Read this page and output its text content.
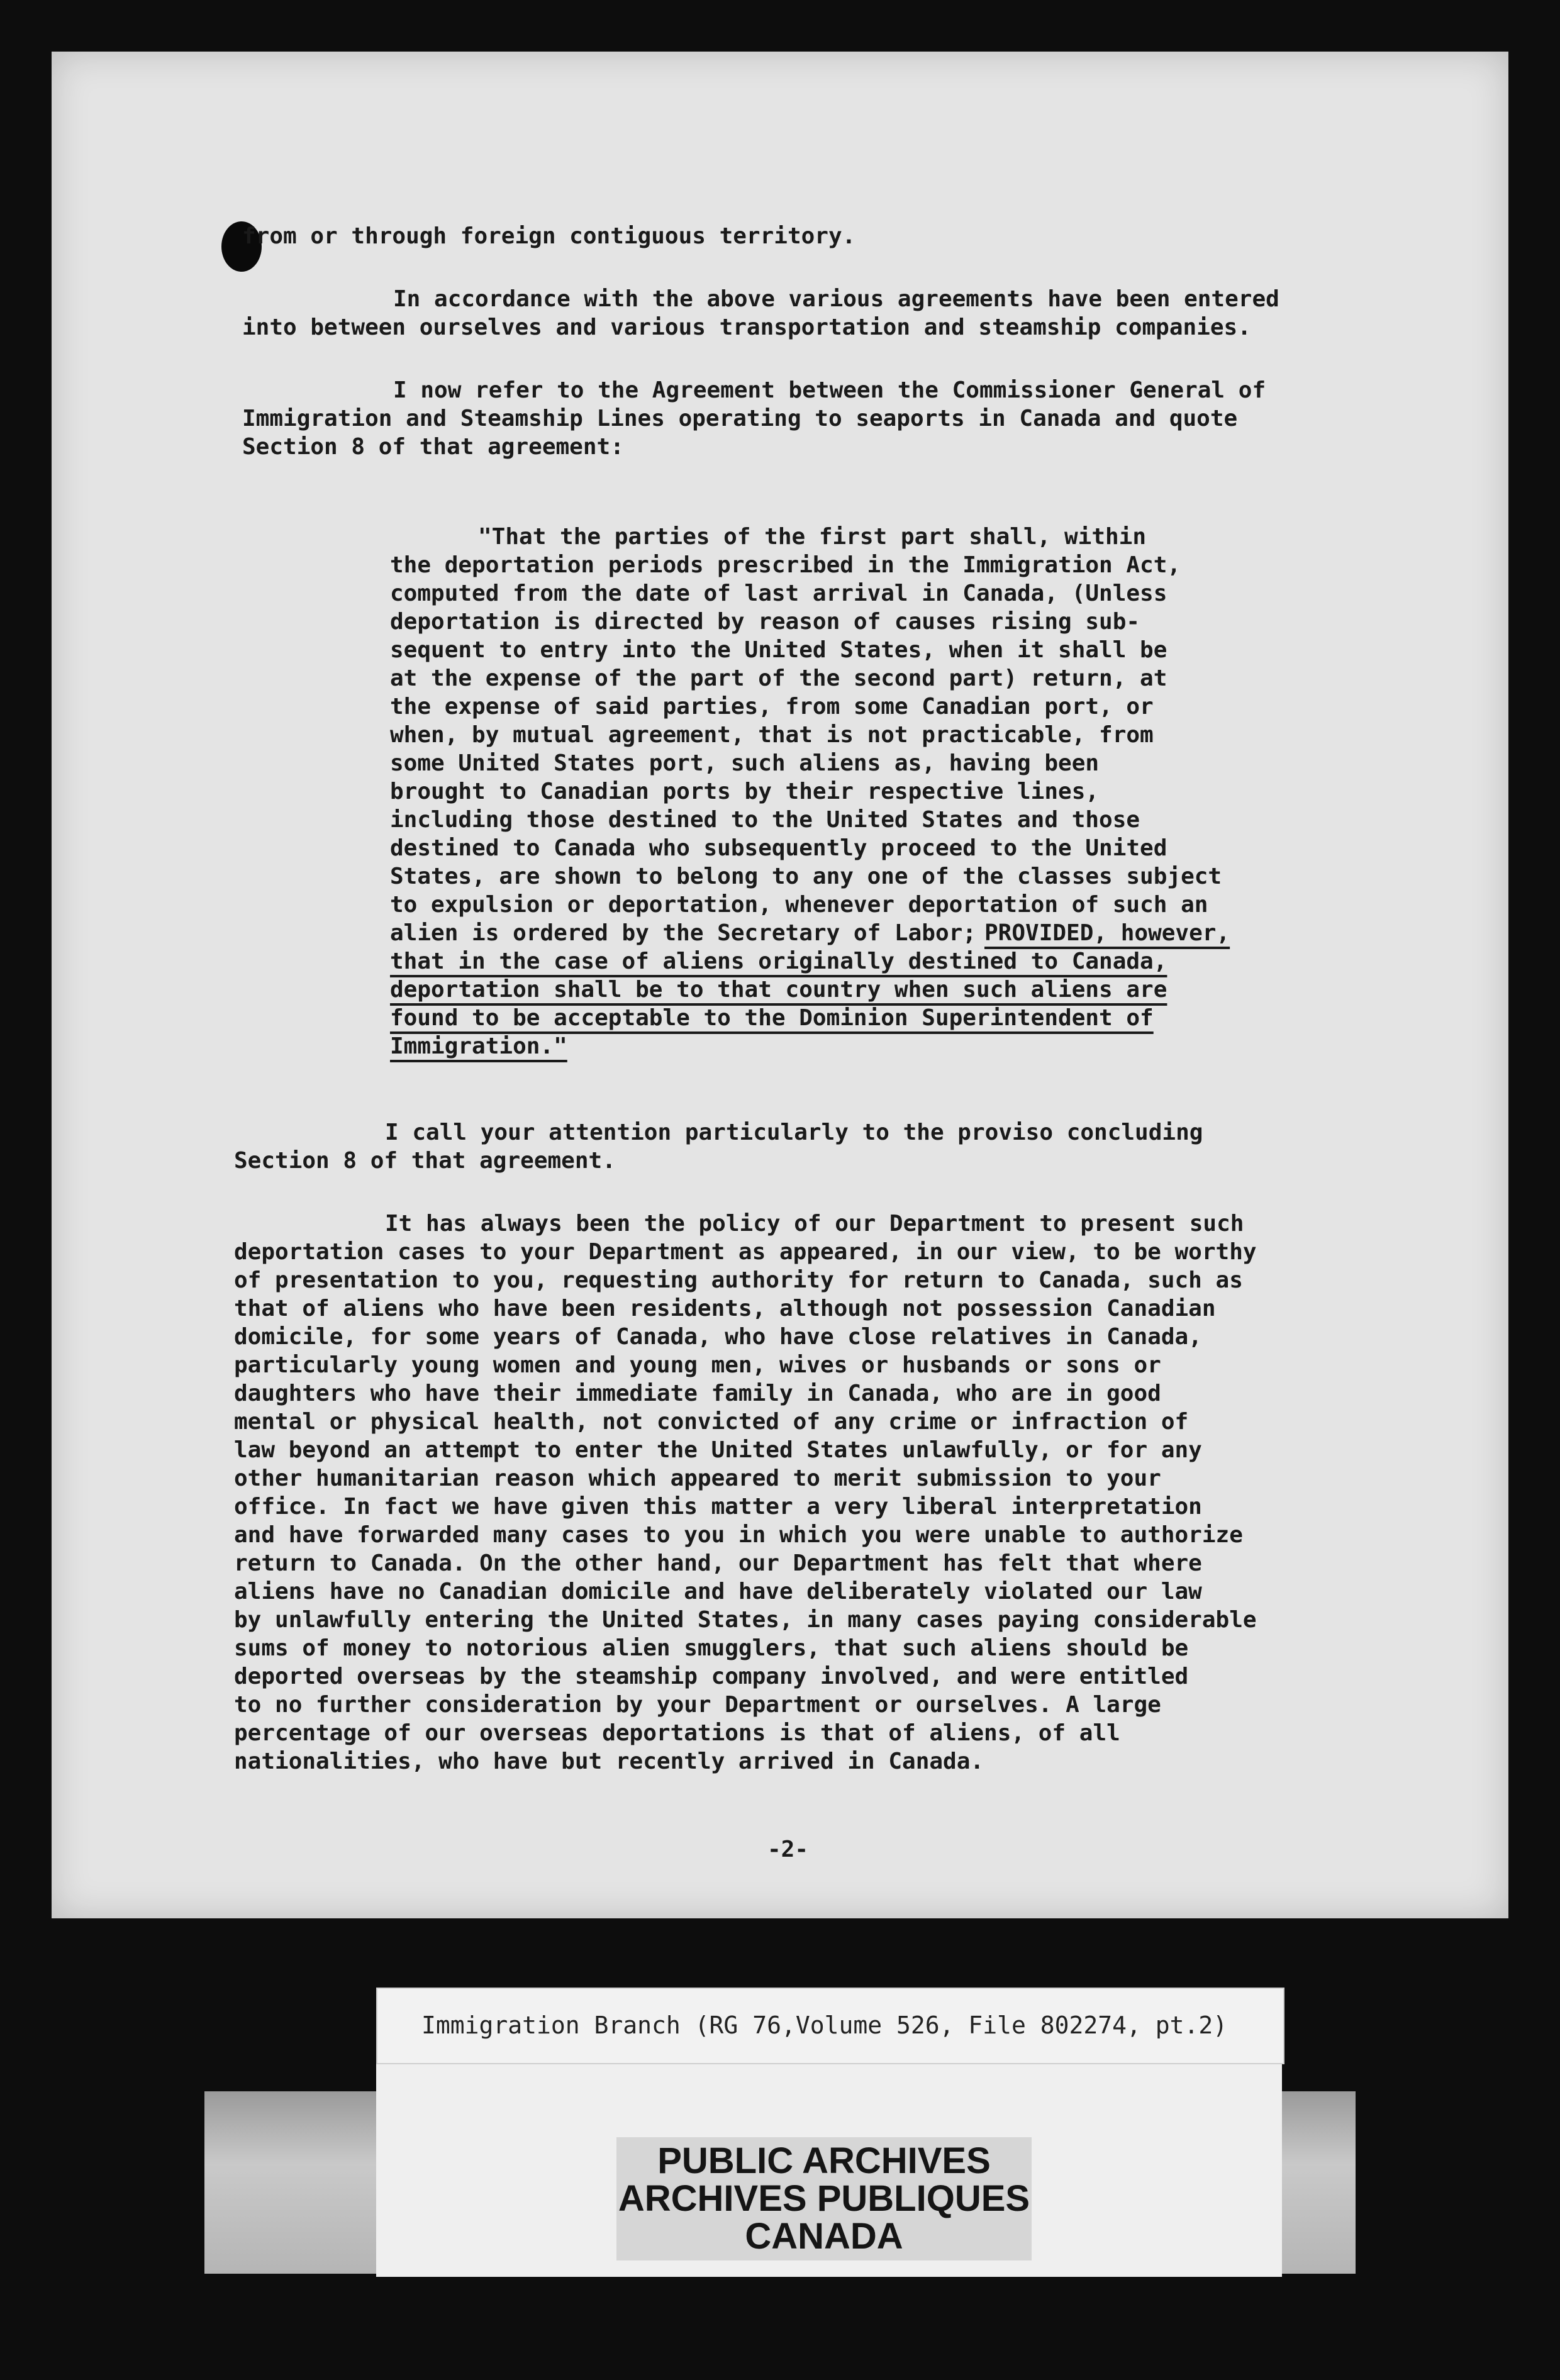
from or through foreign contiguous territory.
In accordance with the above various agreements have been entered
into between ourselves and various transportation and steamship companies.
I now refer to the Agreement between the Commissioner General of
Immigration and Steamship Lines operating to seaports in Canada and quote
Section 8 of that agreement:
"That the parties of the first part shall, within
the deportation periods prescribed in the Immigration Act,
computed from the date of last arrival in Canada, (Unless
deportation is directed by reason of causes rising sub-
sequent to entry into the United States, when it shall be
at the expense of the part of the second part) return, at
the expense of said parties, from some Canadian port, or
when, by mutual agreement, that is not practicable, from
some United States port, such aliens as, having been
brought to Canadian ports by their respective lines,
including those destined to the United States and those
destined to Canada who subsequently proceed to the United
States, are shown to belong to any one of the classes subject
to expulsion or deportation, whenever deportation of such an
alien is ordered by the Secretary of Labor; PROVIDED, however,
that in the case of aliens originally destined to Canada,
deportation shall be to that country when such aliens are
found to be acceptable to the Dominion Superintendent of
Immigration."
I call your attention particularly to the proviso concluding
Section 8 of that agreement.
It has always been the policy of our Department to present such
deportation cases to your Department as appeared, in our view, to be worthy
of presentation to you, requesting authority for return to Canada, such as
that of aliens who have been residents, although not possession Canadian
domicile, for some years of Canada, who have close relatives in Canada,
particularly young women and young men, wives or husbands or sons or
daughters who have their immediate family in Canada, who are in good
mental or physical health, not convicted of any crime or infraction of
law beyond an attempt to enter the United States unlawfully, or for any
other humanitarian reason which appeared to merit submission to your
office. In fact we have given this matter a very liberal interpretation
and have forwarded many cases to you in which you were unable to authorize
return to Canada. On the other hand, our Department has felt that where
aliens have no Canadian domicile and have deliberately violated our law
by unlawfully entering the United States, in many cases paying considerable
sums of money to notorious alien smugglers, that such aliens should be
deported overseas by the steamship company involved, and were entitled
to no further consideration by your Department or ourselves. A large
percentage of our overseas deportations is that of aliens, of all
nationalities, who have but recently arrived in Canada.
-2-
Immigration Branch (RG 76,Volume 526, File 802274, pt.2)
PUBLIC ARCHIVES
ARCHIVES PUBLIQUES
CANADA
